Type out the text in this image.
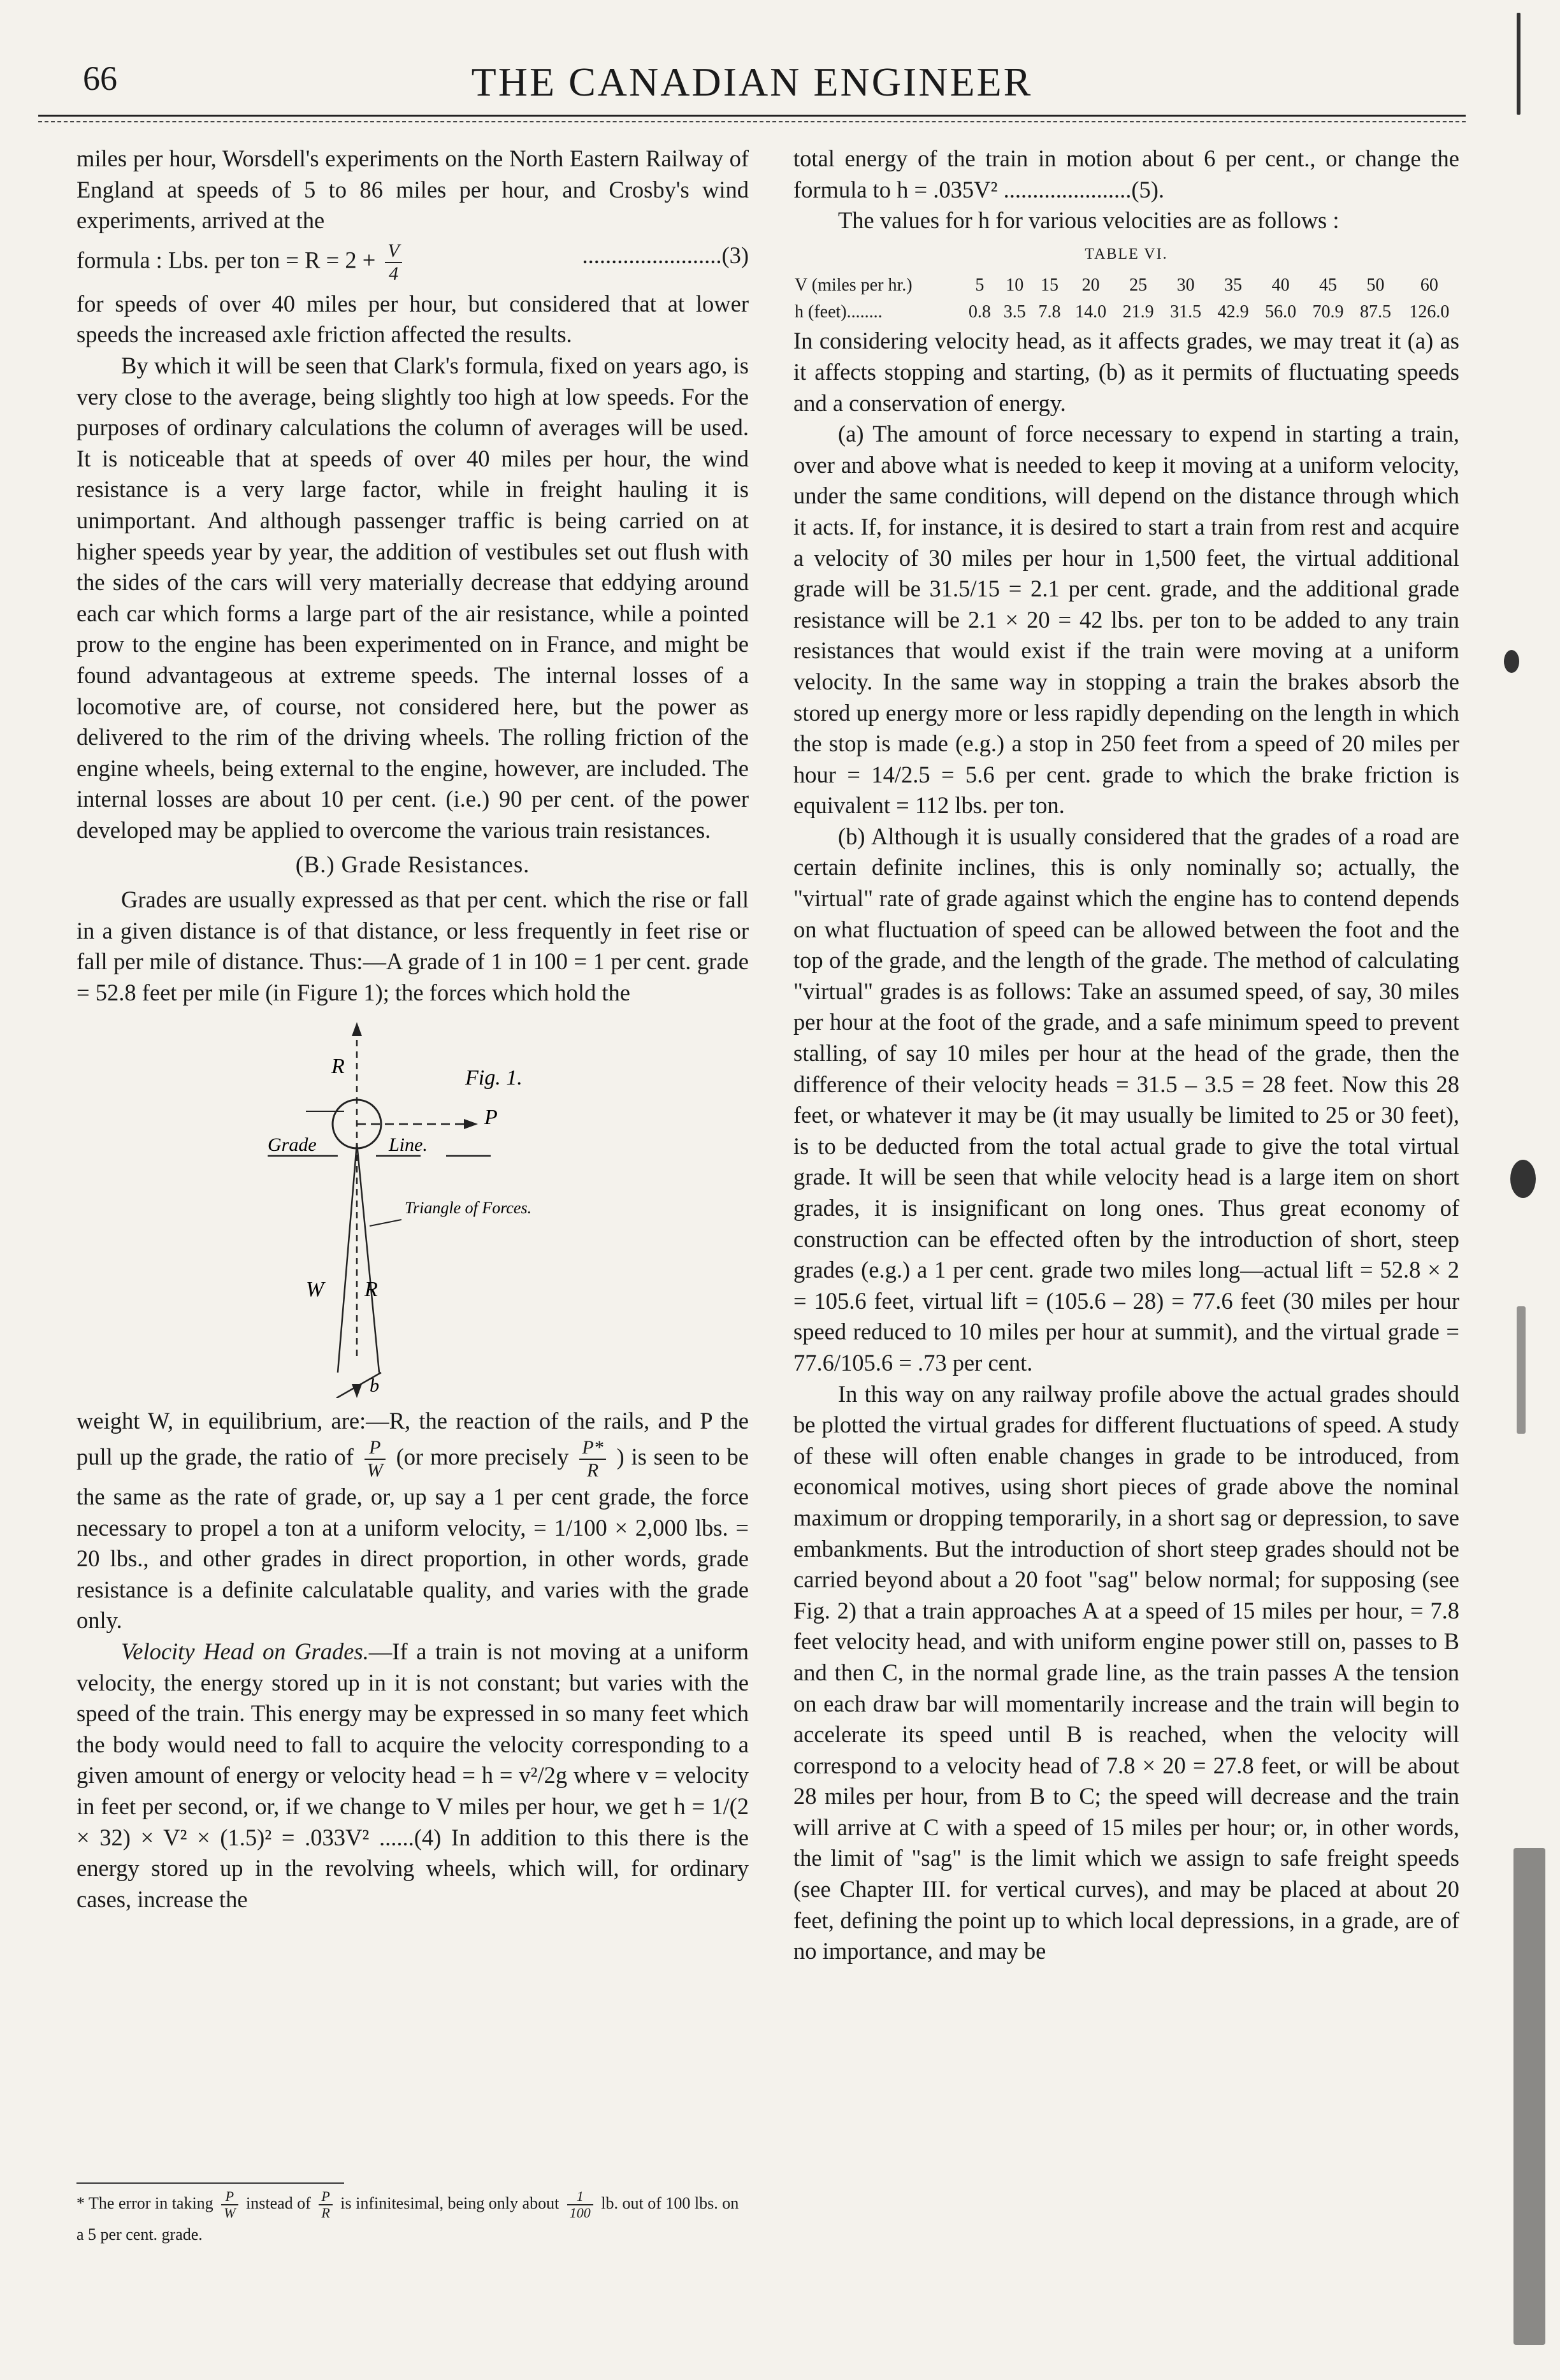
66	THE CANADIAN ENGINEER

miles per hour, Worsdell's experiments on the North Eastern Railway of England at speeds of 5 to 86 miles per hour, and Crosby's wind experiments, arrived at the

formula : Lbs. per ton = $R = 2 + \frac{V}{4}$	........................(3)

for speeds of over 40 miles per hour, but considered that at lower speeds the increased axle friction affected the results.

By which it will be seen that Clark's formula, fixed on years ago, is very close to the average, being slightly too high at low speeds. For the purposes of ordinary calculations the column of averages will be used. It is noticeable that at speeds of over 40 miles per hour, the wind resistance is a very large factor, while in freight hauling it is unimportant. And although passenger traffic is being carried on at higher speeds year by year, the addition of vestibules set out flush with the sides of the cars will very materially decrease that eddying around each car which forms a large part of the air resistance, while a pointed prow to the engine has been experimented on in France, and might be found advantageous at extreme speeds. The internal losses of a locomotive are, of course, not considered here, but the power as delivered to the rim of the driving wheels. The rolling friction of the engine wheels, being external to the engine, however, are included. The internal losses are about 10 per cent. (i.e.) 90 per cent. of the power developed may be applied to overcome the various train resistances.

(B.) Grade Resistances.

Grades are usually expressed as that per cent. which the rise or fall in a given distance is of that distance, or less frequently in feet rise or fall per mile of distance. Thus:—A grade of 1 in 100 = 1 per cent. grade = 52.8 feet per mile (in Figure 1); the forces which hold the

R	Fig. 1.
P
Grade	Line.
Triangle of Forces.
W R
b

weight W, in equilibrium, are:—R, the reaction of the rails, and P the pull up the grade, the ratio of $\frac{P}{W} (or$ more precisely $\frac{P*}{R}$ ) is seen to be the same as the rate of grade, or, up say a 1 per cent grade, the force necessary to propel a ton at a uniform velocity, = 1/100 × 2,000 lbs. = 20 lbs., and other grades in direct proportion, in other words, grade resistance is a definite calculatable quality, and varies with the grade only.

Velocity Head on Grades.—If a train is not moving at a uniform velocity, the energy stored up in it is not constant; but varies with the speed of the train. This energy may be expressed in so many feet which the body would need to fall to acquire the velocity corresponding to a given amount of energy or velocity head = h = v²/2g where v = velocity in feet per second, or, if we change to V miles per hour, we get h = 1/(2 × 32) × V² × (1.5)² = .033V² ......(4) In addition to this there is the energy stored up in the revolving wheels, which will, for ordinary cases, increase the

total energy of the train in motion about 6 per cent., or change the formula to h = .035V² ......................(5).

The values for h for various velocities are as follows :

TABLE VI.
V (miles per hr.)	5	10	15	20	25	30	35	40	45	50	60
h (feet)........	0.8	3.5	7.8	14.0	21.9	31.5	42.9	56.0	70.9	87.5	126.0

In considering velocity head, as it affects grades, we may treat it (a) as it affects stopping and starting, (b) as it permits of fluctuating speeds and a conservation of energy.

(a) The amount of force necessary to expend in starting a train, over and above what is needed to keep it moving at a uniform velocity, under the same conditions, will depend on the distance through which it acts. If, for instance, it is desired to start a train from rest and acquire a velocity of 30 miles per hour in 1,500 feet, the virtual additional grade will be 31.5/15 = 2.1 per cent. grade, and the additional grade resistance will be 2.1 × 20 = 42 lbs. per ton to be added to any train resistances that would exist if the train were moving at a uniform velocity. In the same way in stopping a train the brakes absorb the stored up energy more or less rapidly depending on the length in which the stop is made (e.g.) a stop in 250 feet from a speed of 20 miles per hour = 14/2.5 = 5.6 per cent. grade to which the brake friction is equivalent = 112 lbs. per ton.

(b) Although it is usually considered that the grades of a road are certain definite inclines, this is only nominally so; actually, the "virtual" rate of grade against which the engine has to contend depends on what fluctuation of speed can be allowed between the foot and the top of the grade, and the length of the grade. The method of calculating "virtual" grades is as follows: Take an assumed speed, of say, 30 miles per hour at the foot of the grade, and a safe minimum speed to prevent stalling, of say 10 miles per hour at the head of the grade, then the difference of their velocity heads = 31.5 – 3.5 = 28 feet. Now this 28 feet, or whatever it may be (it may usually be limited to 25 or 30 feet), is to be deducted from the total actual grade to give the total virtual grade. It will be seen that while velocity head is a large item on short grades, it is insignificant on long ones. Thus great economy of construction can be effected often by the introduction of short, steep grades (e.g.) a 1 per cent. grade two miles long—actual lift = 52.8 × 2 = 105.6 feet, virtual lift = (105.6 – 28) = 77.6 feet (30 miles per hour speed reduced to 10 miles per hour at summit), and the virtual grade = 77.6/105.6 = .73 per cent.

In this way on any railway profile above the actual grades should be plotted the virtual grades for different fluctuations of speed. A study of these will often enable changes in grade to be introduced, from economical motives, using short pieces of grade above the nominal maximum or dropping temporarily, in a short sag or depression, to save embankments. But the introduction of short steep grades should not be carried beyond about a 20 foot "sag" below normal; for supposing (see Fig. 2) that a train approaches A at a speed of 15 miles per hour, = 7.8 feet velocity head, and with uniform engine power still on, passes to B and then C, in the normal grade line, as the train passes A the tension on each draw bar will momentarily increase and the train will begin to accelerate its speed until B is reached, when the velocity will correspond to a velocity head of 7.8 × 20 = 27.8 feet, or will be about 28 miles per hour, from B to C; the speed will decrease and the train will arrive at C with a speed of 15 miles per hour; or, in other words, the limit of "sag" is the limit which we assign to safe freight speeds (see Chapter III. for vertical curves), and may be placed at about 20 feet, defining the point up to which local depressions, in a grade, are of no importance, and may be

* The error in taking $\frac{P}{W}$ instead of $\frac{P}{R}$ is infinitesimal, being only about $\frac{1}{100}$ lb. out of 100 lbs. on a 5 per cent. grade.
